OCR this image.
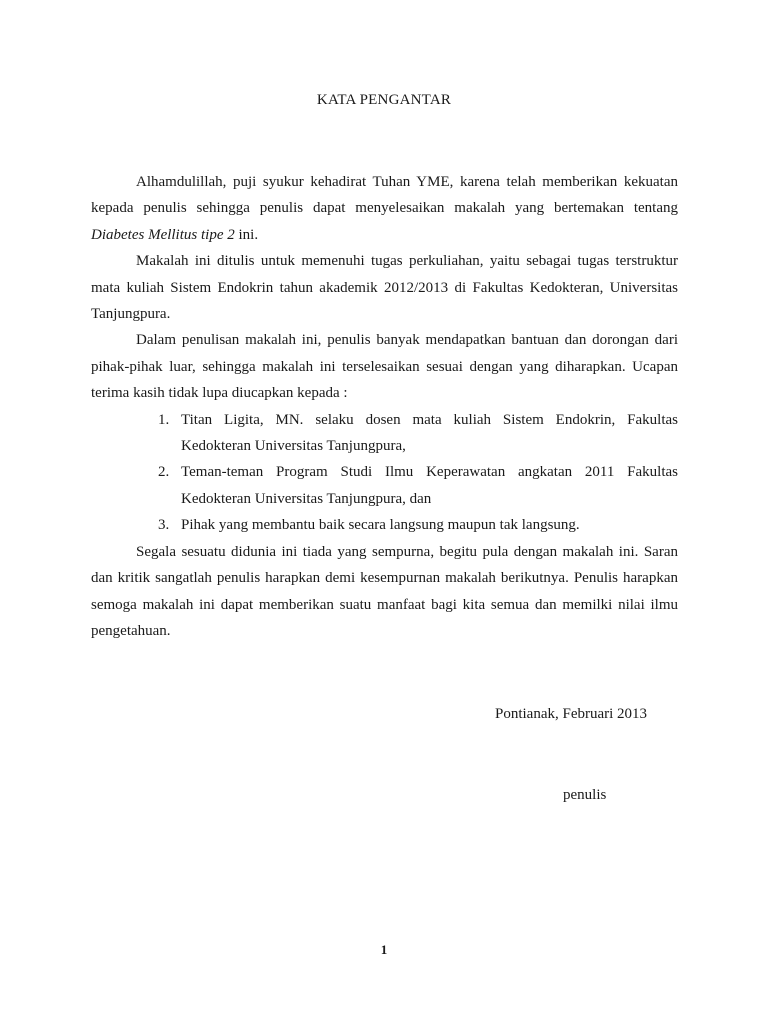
KATA PENGANTAR

Alhamdulillah, puji syukur kehadirat Tuhan YME, karena telah memberikan kekuatan kepada penulis sehingga penulis dapat menyelesaikan makalah yang bertemakan tentang Diabetes Mellitus tipe 2 ini.

Makalah ini ditulis untuk memenuhi tugas perkuliahan, yaitu sebagai tugas terstruktur mata kuliah Sistem Endokrin tahun akademik 2012/2013 di Fakultas Kedokteran, Universitas Tanjungpura.

Dalam penulisan makalah ini, penulis banyak mendapatkan bantuan dan dorongan dari pihak-pihak luar, sehingga makalah ini terselesaikan sesuai dengan yang diharapkan. Ucapan terima kasih tidak lupa diucapkan kepada :

1. Titan Ligita, MN. selaku dosen mata kuliah Sistem Endokrin, Fakultas Kedokteran Universitas Tanjungpura,
2. Teman-teman Program Studi Ilmu Keperawatan angkatan 2011 Fakultas Kedokteran Universitas Tanjungpura, dan
3. Pihak yang membantu baik secara langsung maupun tak langsung.

Segala sesuatu didunia ini tiada yang sempurna, begitu pula dengan makalah ini. Saran dan kritik sangatlah penulis harapkan demi kesempurnan makalah berikutnya. Penulis harapkan semoga makalah ini dapat memberikan suatu manfaat bagi kita semua dan memilki nilai ilmu pengetahuan.

Pontianak, Februari 2013
penulis
1
